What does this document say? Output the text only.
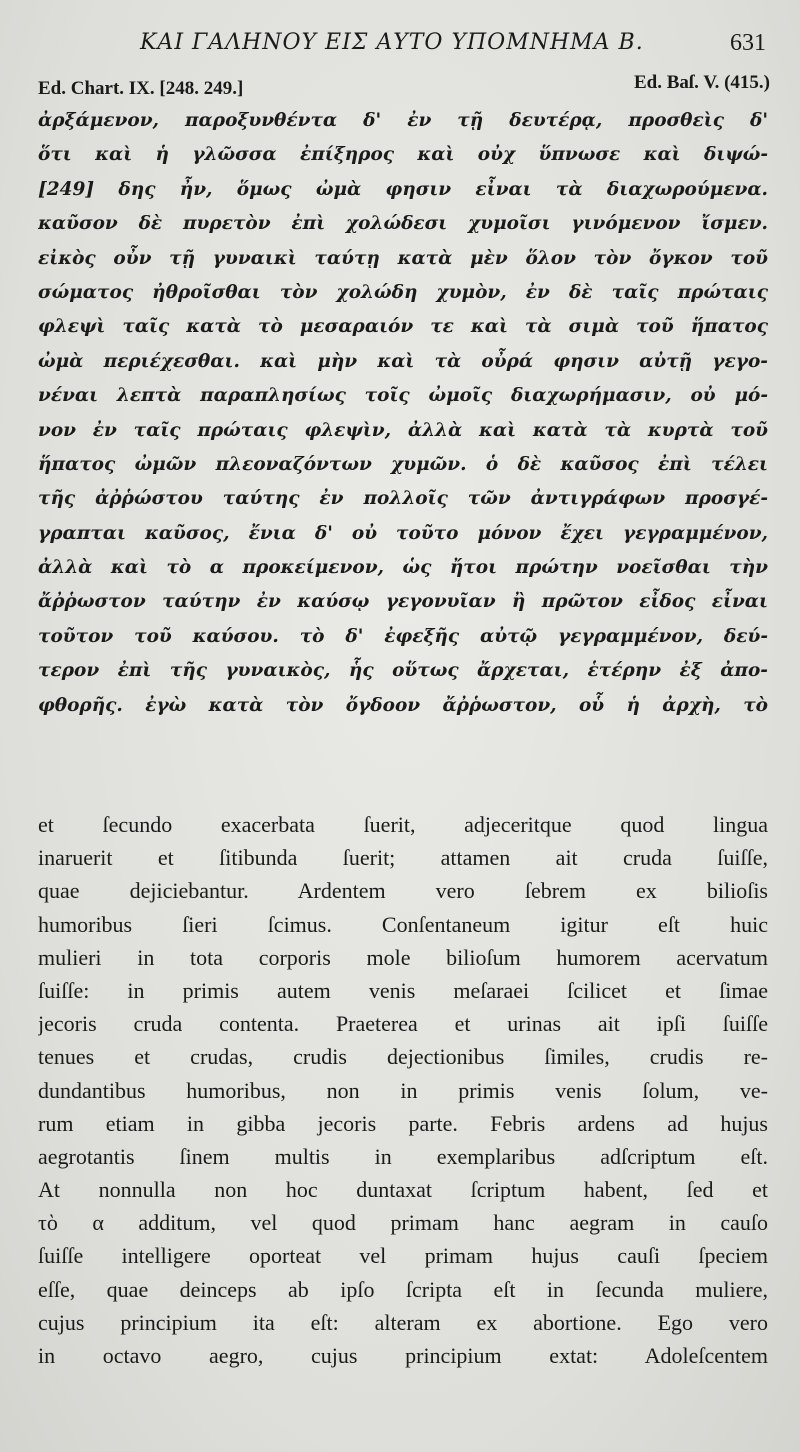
ΚΑΙ ΓΑΛΗΝΟΥ ΕΙΣ ΑΥΤΟ ΥΠΟΜΝΗΜΑ Β.	631
Ed. Chart. IX. [248. 249.]	Ed. Baſ. V. (415.)
ἀρξάμενον, παροξυνθέντα δ' ἐν τῇ δευτέρᾳ, προσθεὶς δ'
ὅτι καὶ ἡ γλῶσσα ἐπίξηρος καὶ οὐχ ὕπνωσε καὶ διψώ-
[249] δης ἦν, ὅμως ὠμὰ φησιν εἶναι τὰ διαχωρούμενα.
καῦσον δὲ πυρετὸν ἐπὶ χολώδεσι χυμοῖσι γινόμενον ἴσμεν.
εἰκὸς οὖν τῇ γυναικὶ ταύτῃ κατὰ μὲν ὅλον τὸν ὄγκον τοῦ
σώματος ἠθροῖσθαι τὸν χολώδη χυμὸν, ἐν δὲ ταῖς πρώταις
φλεψὶ ταῖς κατὰ τὸ μεσαραιόν τε καὶ τὰ σιμὰ τοῦ ἥπατος
ὠμὰ περιέχεσθαι. καὶ μὴν καὶ τὰ οὖρά φησιν αὐτῇ γεγο-
νέναι λεπτὰ παραπλησίως τοῖς ὠμοῖς διαχωρήμασιν, οὐ μό-
νον ἐν ταῖς πρώταις φλεψὶν, ἀλλὰ καὶ κατὰ τὰ κυρτὰ τοῦ
ἥπατος ὠμῶν πλεοναζόντων χυμῶν. ὁ δὲ καῦσος ἐπὶ τέλει
τῆς ἀῤῥώστου ταύτης ἐν πολλοῖς τῶν ἀντιγράφων προσγέ-
γραπται καῦσος, ἔνια δ' οὐ τοῦτο μόνον ἔχει γεγραμμένον,
ἀλλὰ καὶ τὸ α προκείμενον, ὡς ἤτοι πρώτην νοεῖσθαι τὴν
ἄῤῥωστον ταύτην ἐν καύσῳ γεγονυῖαν ἢ πρῶτον εἶδος εἶναι
τοῦτον τοῦ καύσου. τὸ δ' ἐφεξῆς αὐτῷ γεγραμμένον, δεύ-
τερον ἐπὶ τῆς γυναικὸς, ἧς οὕτως ἄρχεται, ἑτέρην ἐξ ἀπο-
φθορῆς. ἐγὼ κατὰ τὸν ὄγδοον ἄῤῥωστον, οὗ ἡ ἀρχὴ, τὸ
et ſecundo exacerbata ſuerit, adjeceritque quod lingua
inaruerit et ſitibunda ſuerit; attamen ait cruda ſuiſſe,
quae dejiciebantur. Ardentem vero ſebrem ex bilioſis
humoribus ſieri ſcimus. Conſentaneum igitur eſt huic
mulieri in tota corporis mole bilioſum humorem acervatum
ſuiſſe: in primis autem venis meſaraei ſcilicet et ſimae
jecoris cruda contenta. Praeterea et urinas ait ipſi ſuiſſe
tenues et crudas, crudis dejectionibus ſimiles, crudis re-
dundantibus humoribus, non in primis venis ſolum, ve-
rum etiam in gibba jecoris parte. Febris ardens ad hujus
aegrotantis ſinem multis in exemplaribus adſcriptum eſt.
At nonnulla non hoc duntaxat ſcriptum habent, ſed et
τὸ α additum, vel quod primam hanc aegram in cauſo
ſuiſſe intelligere oporteat vel primam hujus cauſi ſpeciem
eſſe, quae deinceps ab ipſo ſcripta eſt in ſecunda muliere,
cujus principium ita eſt: alteram ex abortione. Ego vero
in octavo aegro, cujus principium extat: Adoleſcentem
